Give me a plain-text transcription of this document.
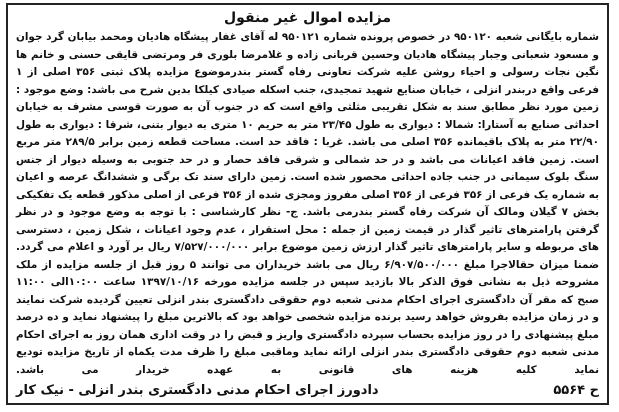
مزایده اموال غیر منقول

شماره بایگانی شعبه ۹۵۰۱۲۰ در خصوص پرونده شماره ۹۵۰۱۲۱ له آقای غفار پیشگاه هادیان ومحمد بیابان گرد جوان و مسعود شعبانی وجبار پیشگاه هادیان وحسین قربانی زاده و غلامرضا بلوری فر ومرتضی قایقی حسنی و خانم ها نگین نجات رسولی و احیاء روشن علیه شرکت تعاونی رفاه گستر بندرموضوع مزایده پلاک ثبتی ۳۵۶ اصلی از ۱ فرعی واقع دربندر انزلی ، خیابان صنایع شهید تمجیدی، جنب اسکله صیادی کیلکا بدین شرح می باشد: وضع موجود : زمین مورد نظر مطابق سند به شکل تقریبی مثلثی واقع است که در جنوب آن به صورت قوسی مشرف به خیابان احداثی صنایع به آستارا: شمالا : دیواری به طول ۲۳/۴۵ متر به حریم ۱۰ متری به دیوار بتنی، شرقا : دیواری به طول ۲۲/۹۰ متر به پلاک باقیمانده ۳۵۶ اصلی می باشد. غربا : فاقد حد است. مساحت قطعه زمین برابر ۲۸۹/۵ متر مربع است. زمین فاقد اعیانات می باشد و در حد شمالی و شرقی فاقد حصار و در حد جنوبی به وسیله دیوار از جنس سنگ بلوک سیمانی در جنب جاده احداثی محصور شده است. زمین دارای سند تک برگی و ششدانگ عرصه و اعیان به شماره یک فرعی از ۳۵۶ فرعی از ۳۵۶ اصلی مفروز ومجزی شده از ۳۵۶ فرعی از اصلی مذکور قطعه یک تفکیکی بخش ۷ گیلان ومالک آن شرکت رفاه گستر بندرمی باشد. ج- نظر کارشناسی : با توجه به وضع موجود و در نظر گرفتن پارامترهای تاثیر گذار در قیمت زمین از جمله : محل استقرار ، عدم وجود اعیانات ، شکل زمین ، دسترسی های مربوطه و سایر پارامترهای تاثیر گذار ارزش زمین موضوع برابر ۷/۵۲۷/۰۰۰/۰۰۰ ریال بر آورد و اعلام می گردد. ضمنا میزان حقالاجرا مبلغ ۶/۹۰۷/۵۰۰/۰۰۰ ریال می باشد خریداران می توانند ۵ روز قبل از جلسه مزایده از ملک مشروحه ذیل به نشانی فوق الذکر بالا بازدید سپس در جلسه مزایده مورخه ۱۳۹۷/۱۰/۱۶ ساعت ۱۰:۰۰الی ۱۱:۰۰ صبح که مقر آن دادگستری اجرای احکام مدنی شعبه دوم حقوقی دادگستری بندر انزلی تعیین گردیده شرکت نمایند و در زمان مزایده بفروش خواهد رسید برنده مزایده شخصی خواهد بود که بالاترین مبلغ را پیشنهاد نماید و ده درصد مبلغ پیشنهادی را در روز مزایده بحساب سپرده دادگستری واریز و قبض را در وقت اداری همان روز به اجرای احکام مدنی شعبه دوم حقوقی دادگستری بندر انزلی ارائه نماید وماقبی مبلغ را ظرف مدت یکماه از تاریخ مزایده تودیع نماید کلیه هزینه های قانونی به عهده خریدار می باشد.

ح ۵۵۶۴
دادورز اجرای احکام مدنی دادگستری بندر انزلی - نیک کار
